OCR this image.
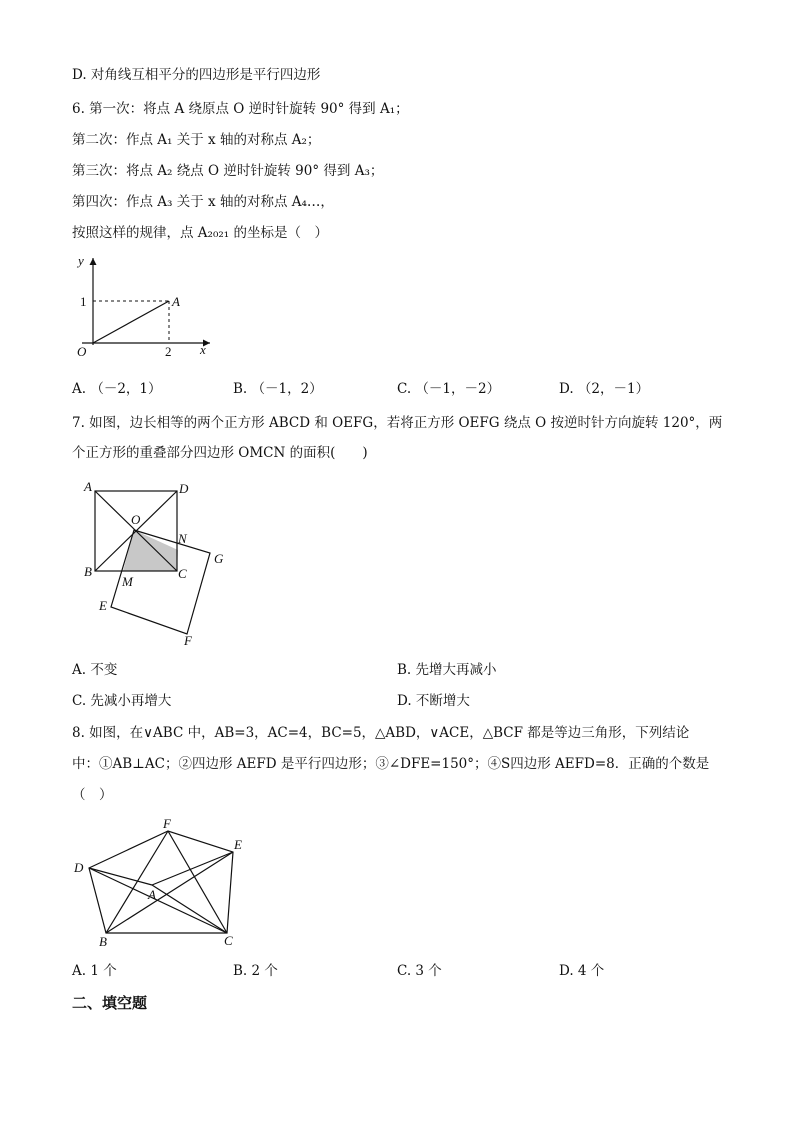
D. 对角线互相平分的四边形是平行四边形
6. 第一次：将点 A 绕原点 O 逆时针旋转 90° 得到 A₁；
第二次：作点 A₁ 关于 x 轴的对称点 A₂；
第三次：将点 A₂ 绕点 O 逆时针旋转 90° 得到 A₃；
第四次：作点 A₃ 关于 x 轴的对称点 A₄…，
按照这样的规律，点 A₂₀₂₁ 的坐标是（　）
y
x
O
A
1
2
A. （－2，1）	B. （－1，2）	C. （－1，－2）	D. （2，－1）
7. 如图，边长相等的两个正方形 ABCD 和 OEFG，若将正方形 OEFG 绕点 O 按逆时针方向旋转 120°，两
个正方形的重叠部分四边形 OMCN 的面积(　　)
A	D
O
N
G
B	C
M
E
F
A. 不变	B. 先增大再减小
C. 先减小再增大	D. 不断增大
8. 如图，在∨ABC 中，AB=3，AC=4，BC=5，△ABD，∨ACE，△BCF 都是等边三角形，下列结论
中：①AB⊥AC；②四边形 AEFD 是平行四边形；③∠DFE=150°；④S四边形 AEFD=8．正确的个数是
（　）
F
E
D
A
B	C
A. 1 个	B. 2 个	C. 3 个	D. 4 个
二、填空题
